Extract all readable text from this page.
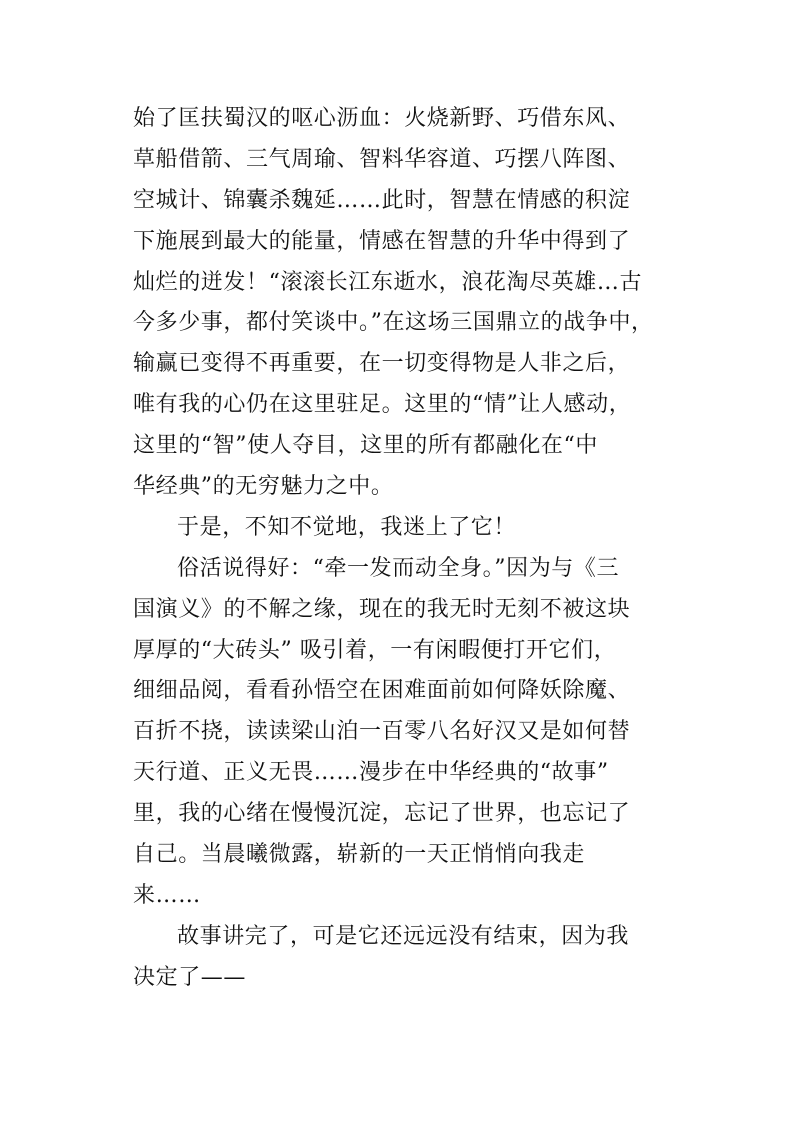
始了匡扶蜀汉的呕心沥血：火烧新野、巧借东风、
草船借箭、三气周瑜、智料华容道、巧摆八阵图、
空城计、锦囊杀魏延……此时，智慧在情感的积淀
下施展到最大的能量，情感在智慧的升华中得到了
灿烂的迸发！“滚滚长江东逝水，浪花淘尽英雄…古
今多少事，都付笑谈中。”在这场三国鼎立的战争中，
输赢已变得不再重要，在一切变得物是人非之后，
唯有我的心仍在这里驻足。这里的“情”让人感动，
这里的“智”使人夺目，这里的所有都融化在“中
华经典”的无穷魅力之中。
于是，不知不觉地，我迷上了它！
俗活说得好：“牵一发而动全身。”因为与《三
国演义》的不解之缘，现在的我无时无刻不被这块
厚厚的“大砖头” 吸引着，一有闲暇便打开它们，
细细品阅，看看孙悟空在困难面前如何降妖除魔、
百折不挠，读读梁山泊一百零八名好汉又是如何替
天行道、正义无畏……漫步在中华经典的“故事”
里，我的心绪在慢慢沉淀，忘记了世界，也忘记了
自己。当晨曦微露，崭新的一天正悄悄向我走
来……
故事讲完了，可是它还远远没有结束，因为我
决定了——
